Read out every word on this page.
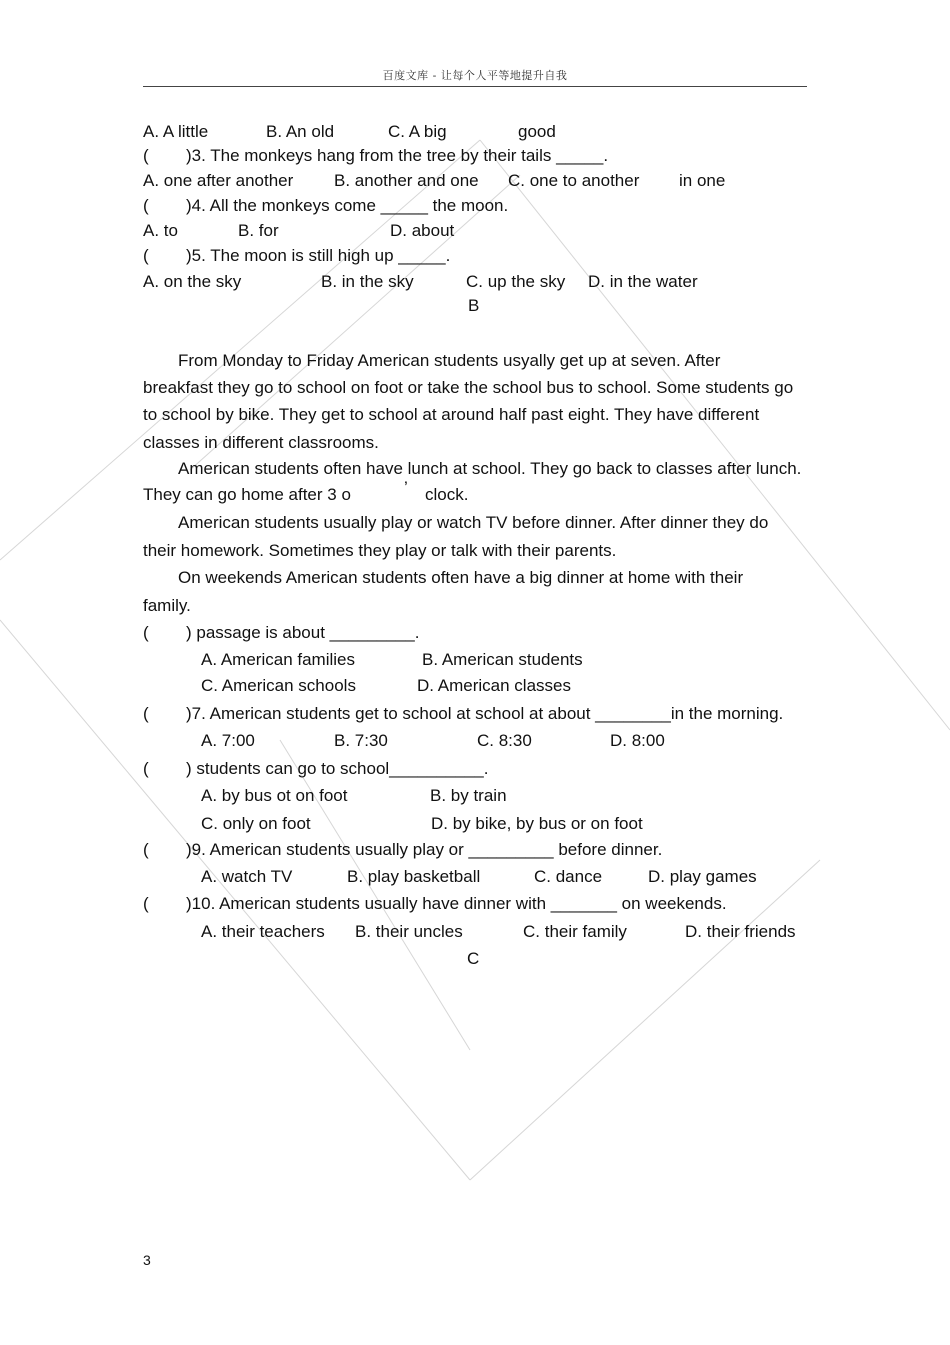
百度文库 - 让每个人平等地提升自我
A. A little	B. An old	C. A big	good
( )3. The monkeys hang from the tree by their tails _____.
A. one after another B. another and one C. one to another in one
( )4. All the monkeys come _____ the moon.
A. to	B. for	D. about
( )5. The moon is still high up _____.
A. on the sky	B. in the sky	C. up the sky D. in the water
B
From Monday to Friday American students usyally get up at seven. After
breakfast they go to school on foot or take the school bus to school. Some students go
to school by bike. They get to school at around half past eight. They have different
classes in different classrooms.
American students often have lunch at school. They go back to classes after lunch.
They can go home after 3 o	’ clock.
American students usually play or watch TV before dinner. After dinner they do
their homework. Sometimes they play or talk with their parents.
On weekends American students often have a big dinner at home with their
family.
( ) passage is about _________.
A. American families	B. American students
C. American schools	D. American classes
( )7. American students get to school at school at about ________in the morning.
A. 7:00	B. 7:30	C. 8:30	D. 8:00
( ) students can go to school__________.
A. by bus ot on foot	B. by train
C. only on foot	D. by bike, by bus or on foot
( )9. American students usually play or _________ before dinner.
A. watch TV	B. play basketball	C. dance	D. play games
( )10. American students usually have dinner with _______ on weekends.
A. their teachers B. their uncles	C. their family	D. their friends
C
3
